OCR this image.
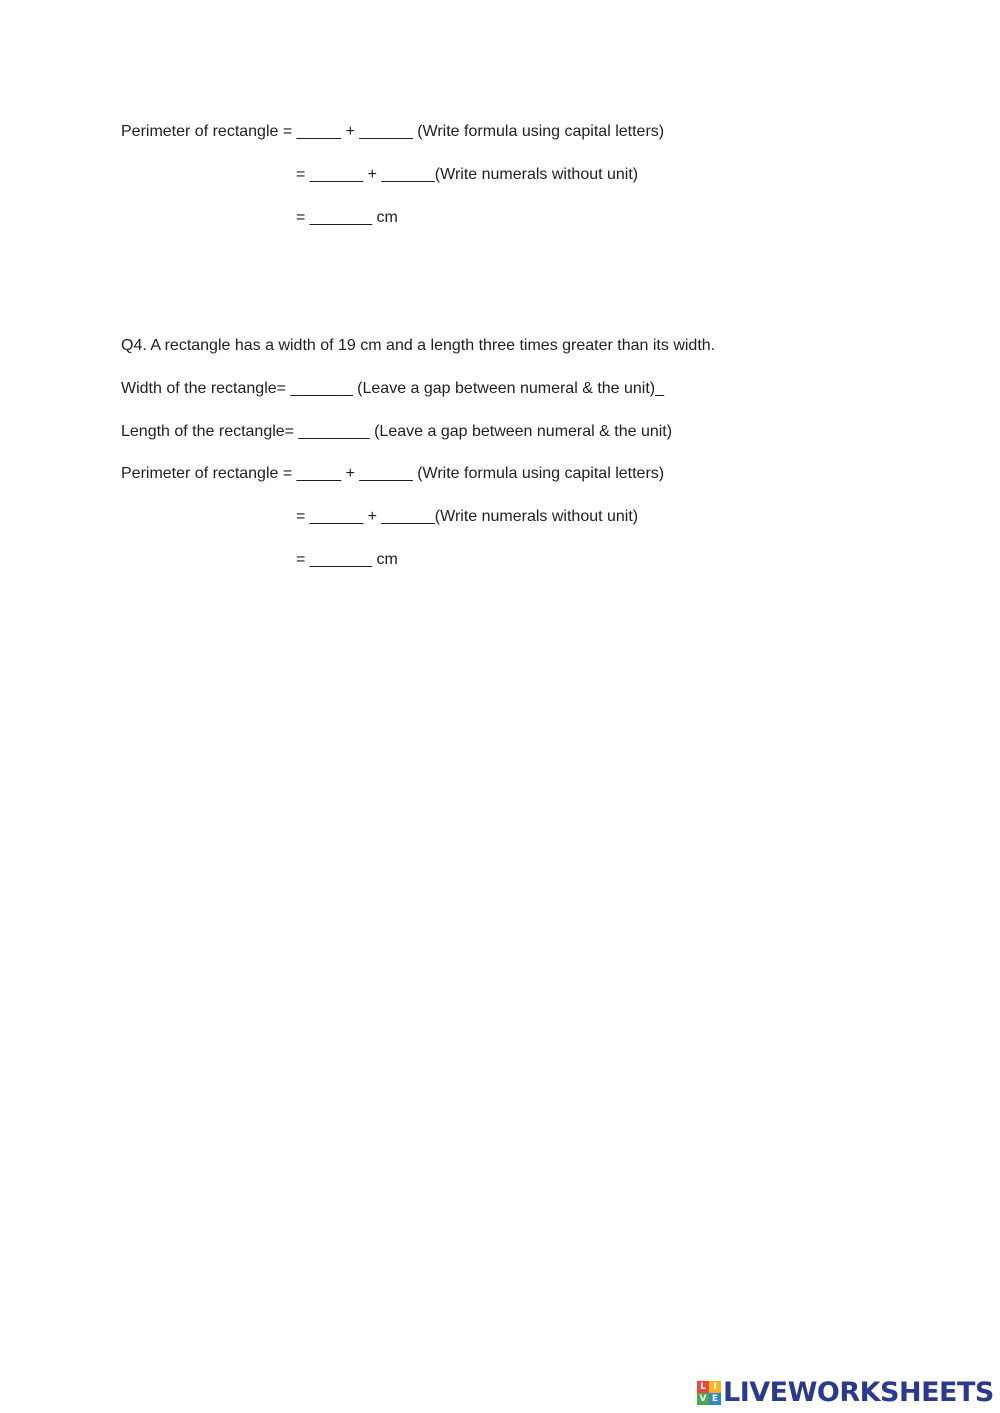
Perimeter of rectangle = _____ + ______ (Write formula using capital letters)
= ______ + ______(Write numerals without unit)
= _______ cm
Q4. A rectangle has a width of 19 cm and a length three times greater than its width.
Width of the rectangle= _______ (Leave a gap between numeral & the unit)_
Length of the rectangle= ________ (Leave a gap between numeral & the unit)
Perimeter of rectangle = _____ + ______ (Write formula using capital letters)
= ______ + ______(Write numerals without unit)
= _______ cm
L I
V E LIVEWORKSHEETS
